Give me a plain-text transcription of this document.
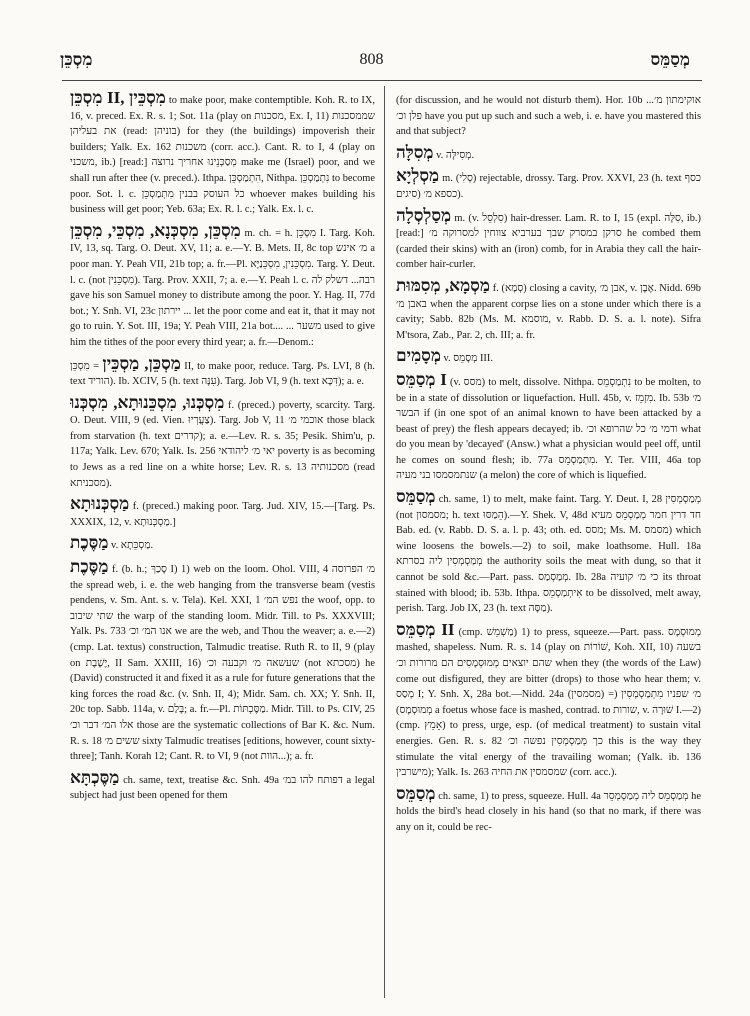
מִסְכֵּן	808	מְסַמֵּס

מִסְכֵּן II, מִסְכֵּין to make poor, make contemptible. Koh. R. to IX, 16, v. preced. Ex. R. s. 1; Sot. 11a (play on מסכנות, Ex. I, 11) שממסכנות את בעליהן (read: בוניהן) for they (the buildings) impoverish their builders; Yalk. Ex. 162 משכנות (corr. acc.). Cant. R. to I, 4 (play on משכני, ib.) [read:] מְסַכְּנֵינוּ אחריך נרוצה make me (Israel) poor, and we shall run after thee (v. preced.). Ithpa. הִתְמַסְכֵּן, Nithpa. נִתְמַסְכֵּן to become poor. Sot. l. c. כל העוסק בבנין מִתְמַסְכֵּן whoever makes building his business will get poor; Yeb. 63a; Ex. R. l. c.; Yalk. Ex. l. c.

מִסְכֵּן, מִסְכְּנָא, מִסְכֵּי, מִסְכֵּן m. ch. = h. מִסְכֵּן I. Targ. Koh. IV, 13, sq. Targ. O. Deut. XV, 11; a. e.—Y. B. Mets. II, 8c top מ׳ אינש a poor man. Y. Peah VII, 21b top; a. fr.—Pl. מִסְכֵּנִין, מִסְכֵּנַיָּא. Targ. Y. Deut. l. c. (not מִסְכֵּנִין). Targ. Prov. XXII, 7; a. e.—Y. Peah l. c. רבה... דשלק לה gave his son Samuel money to distribute among the poor. Y. Hag. II, 77d bot.; Y. Snh. VI, 23c יירתון ... let the poor come and eat it, that it may not go to ruin. Y. Sot. III, 19a; Y. Peah VIII, 21a bot.... ... משער used to give him the tithes of the poor every third year; a. fr.—Denom.:

מַסְכֵּן, מַסְכֵּין = מִסְכֵּן II, to make poor, reduce. Targ. Ps. LVI, 8 (h. text הוריד). Ib. XCIV, 5 (h. text עִנָּה). Targ. Job VI, 9 (h. text דִּכָּא); a. e.

מִסְכְּנוּ, מִסְכֵּנוּתָא, מִסְכְּנוּ f. (preced.) poverty, scarcity. Targ. O. Deut. VIII, 9 (ed. Vien. צַעֲרְיוּ). Targ. Job V, 11 אוכמי מ׳ those black from starvation (h. text קדרים); a. e.—Lev. R. s. 35; Pesik. Shim'u, p. 117a; Yalk. Lev. 670; Yalk. Is. 256 יאי מ׳ ליהודאי poverty is as becoming to Jews as a red line on a white horse; Lev. R. s. 13 מסכנותיה (read מסכניתא).

מַסְכְּנוּתָא f. (preced.) making poor. Targ. Jud. XIV, 15.—[Targ. Ps. XXXIX, 12, v. מַסְכְּנוּתָא.]

מַסֶּכֶת v. מַסְכֵּתָא.

מַסֶּכֶת f. (b. h.; סָכַךְ I) 1) web on the loom. Ohol. VIII, 4 מ׳ הפרוסה the spread web, i. e. the web hanging from the transverse beam (vestis pendens, v. Sm. Ant. s. v. Tela). Kel. XXI, 1 נפש המ׳ the woof, opp. to שתי שיבוב the warp of the standing loom. Midr. Till. to Ps. XXXVIII; Yalk. Ps. 733 אנו המ׳ וכ׳ we are the web, and Thou the weaver; a. e.—2) (cmp. Lat. textus) construction, Talmudic treatise. Ruth R. to II, 9 (play on יֶשֶׁבֶת, II Sam. XXIII, 16) שעשאה מ׳ וקבעה וכ׳ (not מסכתא) he (David) constructed it and fixed it as a rule for future generations that the king forces the road &c. (v. Snh. II, 4); Midr. Sam. ch. XX; Y. Snh. II, 20c top. Sabb. 114a, v. בָּלַם; a. fr.—Pl. מַסֶּכְתּוֹת. Midr. Till. to Ps. CIV, 25 אלו המ׳ דבר וכ׳ those are the systematic collections of Bar K. &c. Num. R. s. 18 ששים מ׳ sixty Talmudic treatises [editions, however, count sixty-three]; Tanh. Korah 12; Cant. R. to VI, 9 (not הוות...); a. fr.

מַסֶּכְתָּא ch. same, text, treatise &c. Snh. 49a דפותח להו במ׳ a legal subject had just been opened for them

(for discussion, and he would not disturb them). Hor. 10b ...אוקימתון מ׳ פלן וכ׳ have you put up such and such a web, i. e. have you mastered this and that subject?

מְסִלָּה v. מְסִילָּה.

מַסְלְיָא m. (סְלִי) rejectable, drossy. Targ. Prov. XXVI, 23 (h. text כסף סיגים) כספא מ׳).

מְסַלְסְלָה m. (v. סִלְסֵל) hair-dresser. Lam. R. to I, 15 (expl. סִלָּה, ib.) [read:] סרקן במסרק שבך בערביא צווחין למסרוקה מ׳ he combed them (carded their skins) with an (iron) comb, for in Arabia they call the hair-comber hair-curler.

מַסְמָא, מְסִמּוּת f. (סְמָא) closing a cavity, אבן מ׳, v. אֶבֶן. Nidd. 69b באבן מ׳ when the apparent corpse lies on a stone under which there is a cavity; Sabb. 82b (Ms. M. מוסמא, v. Rabb. D. S. a. l. note). Sifra M'tsora, Zab., Par. 2, ch. III; a. fr.

מְסָמִים v. מְסָמֵס III.

מְסַמֵּס I (v. מסס) to melt, dissolve. Nithpa. נִתְמַסְמֵס to be molten, to be in a state of dissolution or liquefaction. Hull. 45b, v. מִזְמֵז. Ib. 53b מ׳ הבשר if (in one spot of an animal known to have been attacked by a beast of prey) the flesh appears decayed; ib. ודמי מ׳ כל שהרופא וכ׳ what do you mean by 'decayed' (Answ.) what a physician would peel off, until he comes on sound flesh; ib. 77a מִתְמַסְמֵס. Y. Ter. VIII, 46a top שנתמסמסו בני מעיה (a melon) the core of which is liquefied.

מְסַמֵּס ch. same, 1) to melt, make faint. Targ. Y. Deut. I, 28 מְמַסְמְסִין (not מסמסון; h. text הֵמַסּוּ).—Y. Shek. V, 48d חד דרין חמר מְמַסְמֵס מעיא Bab. ed. (v. Rabb. D. S. a. l. p. 43; oth. ed. מסס; Ms. M. מסמס) which wine loosens the bowels.—2) to soil, make loathsome. Hull. 18a מְמַסְמְסִין ליה בסרתא the authority soils the meat with dung, so that it cannot be sold &c.—Part. pass. מְמַסְמַס. Ib. 28a כי מ׳ קועיה its throat stained with blood; ib. 53b. Ithpa. אִיתְמַסְמֵס to be dissolved, melt away, perish. Targ. Job IX, 23 (h. text מַסָּה).

מְסַמֵּס II (cmp. מַשְׁמֵשׁ) 1) to press, squeeze.—Part. pass. מְמוּסְמָס mashed, shapeless. Num. R. s. 14 (play on שׁוֹרוֹת, Koh. XII, 10) בשעה שהם יוצאים מְמוּסְמָסִים הם מרורות וכ׳ when they (the words of the Law) come out disfigured, they are bitter (drops) to those who hear them; v. מְסַס I; Y. Snh. X, 28a bot.—Nidd. 24a (מסמסין) מ׳ שפניו מִתְמַסְמְסִין (= מְמוּסְמָס) a foetus whose face is mashed, contrad. to שורות, v. שׁוּרָה I.—2) (cmp. אָמֵץ) to press, urge, esp. (of medical treatment) to sustain vital energies. Gen. R. s. 82 כך מְמַסְמְסִין נפשה וכ׳ this is the way they stimulate the vital energy of the travailing woman; (Yalk. ib. 136 מישרבין); Yalk. Is. 263 שמסמסין את החיה (corr. acc.).

מְסַמֵּס ch. same, 1) to press, squeeze. Hull. 4a מְמַסְמֵס ליה מְמַסְמְסֵר he holds the bird's head closely in his hand (so that no mark, if there was any on it, could be rec-
